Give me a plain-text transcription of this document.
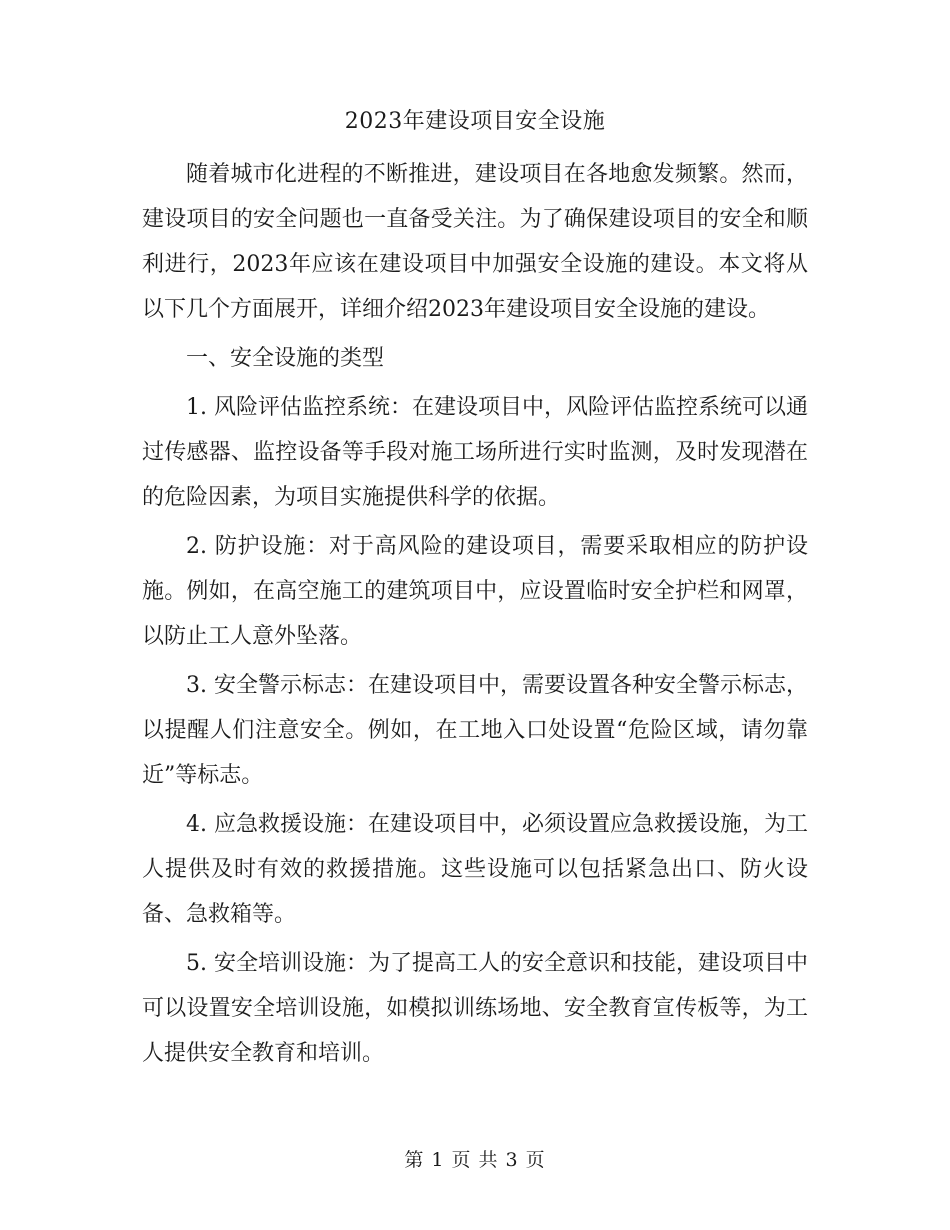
2023年建设项目安全设施

随着城市化进程的不断推进，建设项目在各地愈发频繁。然而，建设项目的安全问题也一直备受关注。为了确保建设项目的安全和顺利进行，2023年应该在建设项目中加强安全设施的建设。本文将从以下几个方面展开，详细介绍2023年建设项目安全设施的建设。

一、安全设施的类型

1. 风险评估监控系统：在建设项目中，风险评估监控系统可以通过传感器、监控设备等手段对施工场所进行实时监测，及时发现潜在的危险因素，为项目实施提供科学的依据。

2. 防护设施：对于高风险的建设项目，需要采取相应的防护设施。例如，在高空施工的建筑项目中，应设置临时安全护栏和网罩，以防止工人意外坠落。

3. 安全警示标志：在建设项目中，需要设置各种安全警示标志，以提醒人们注意安全。例如，在工地入口处设置“危险区域，请勿靠近”等标志。

4. 应急救援设施：在建设项目中，必须设置应急救援设施，为工人提供及时有效的救援措施。这些设施可以包括紧急出口、防火设备、急救箱等。

5. 安全培训设施：为了提高工人的安全意识和技能，建设项目中可以设置安全培训设施，如模拟训练场地、安全教育宣传板等，为工人提供安全教育和培训。

第 1 页 共 3 页
